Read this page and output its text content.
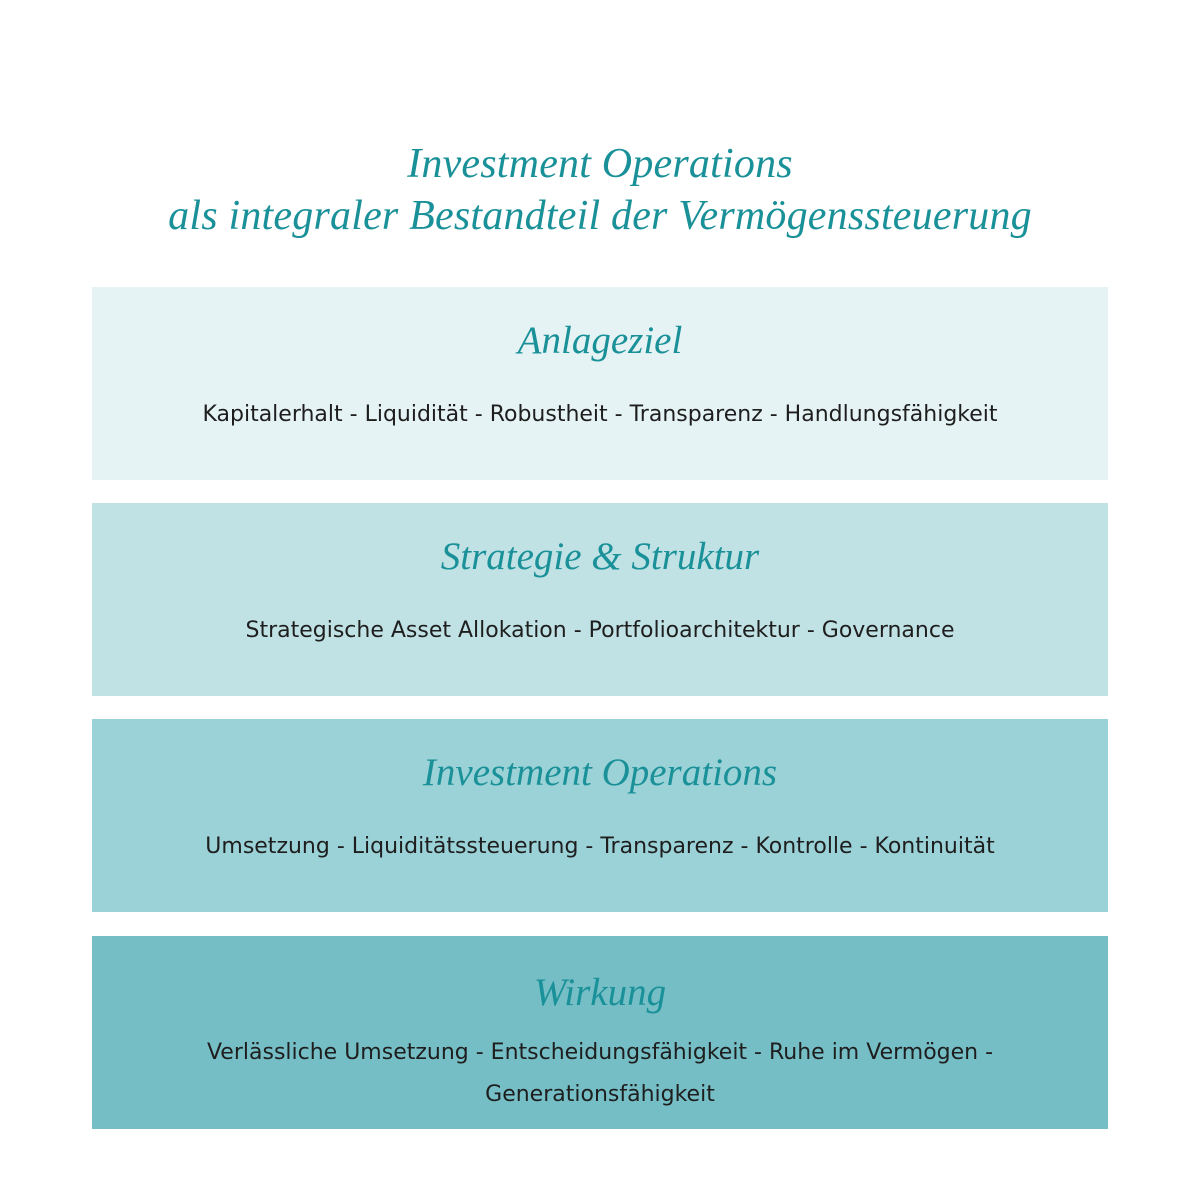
Investment Operations
als integraler Bestandteil der Vermögenssteuerung
Anlageziel
Kapitalerhalt - Liquidität - Robustheit - Transparenz - Handlungsfähigkeit
Strategie & Struktur
Strategische Asset Allokation - Portfolioarchitektur - Governance
Investment Operations
Umsetzung - Liquiditätssteuerung - Transparenz - Kontrolle - Kontinuität
Wirkung
Verlässliche Umsetzung - Entscheidungsfähigkeit - Ruhe im Vermögen - Generationsfähigkeit
